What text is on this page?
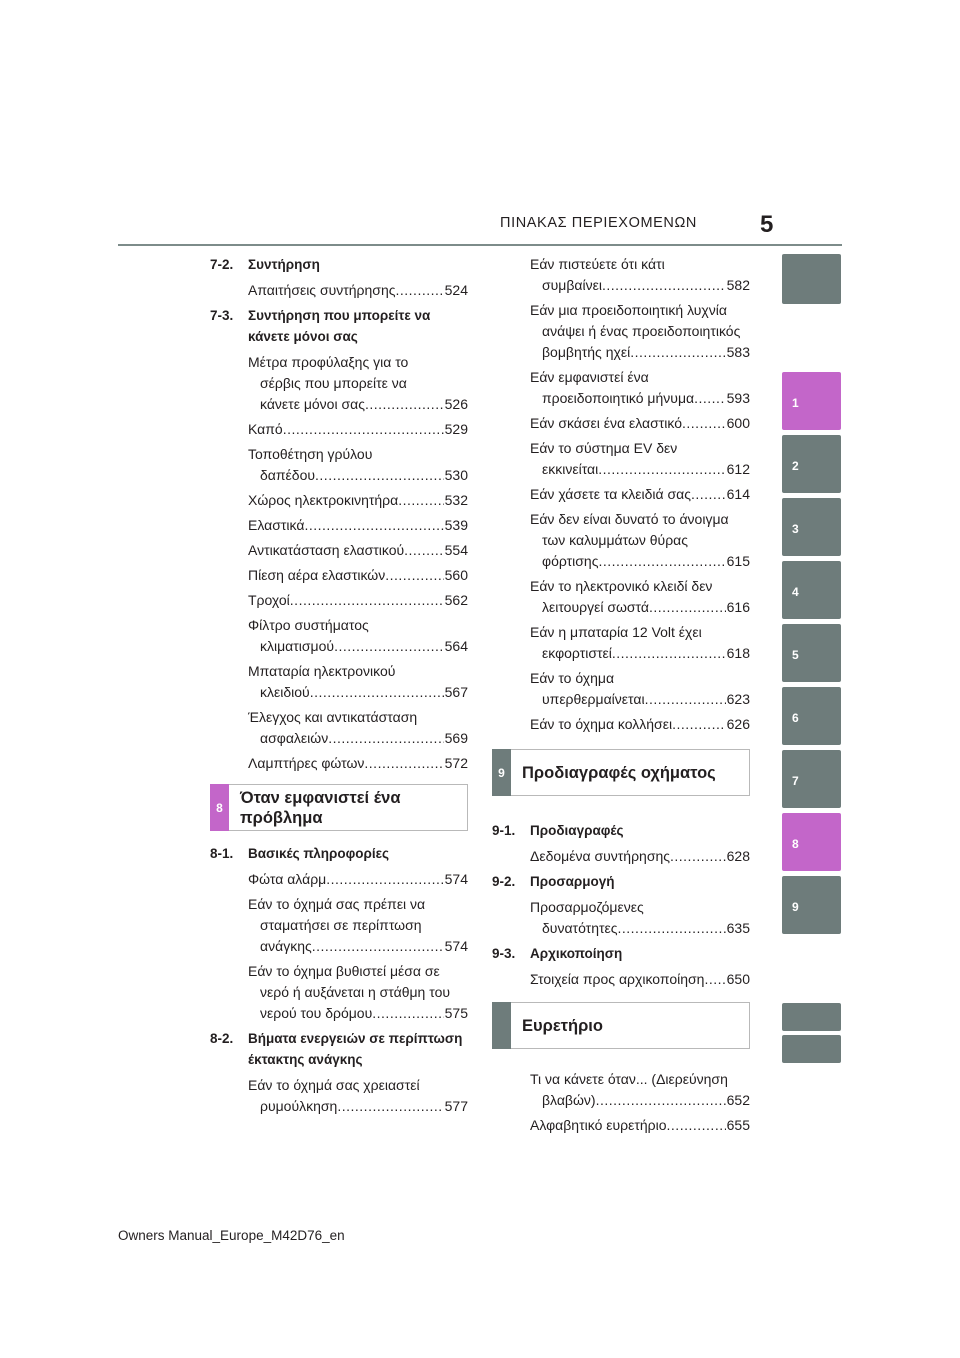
ΠΙΝΑΚΑΣ ΠΕΡΙΕΧΟΜΕΝΩΝ	5
1
2
3
4
5
6
7
8
9
7-2. Συντήρηση
Απαιτήσεις συντήρησης .....	524
7-3. Συντήρηση που μπορείτε να κάνετε μόνοι σας
Μέτρα προφύλαξης για το
σέρβις που μπορείτε να
κάνετε μόνοι σας .....	526
Καπό .....	529
Τοποθέτηση γρύλου
δαπέδου .....	530
Χώρος ηλεκτροκινητήρα .....	532
Ελαστικά .....	539
Αντικατάσταση ελαστικού .....	554
Πίεση αέρα ελαστικών .....	560
Τροχοί .....	562
Φίλτρο συστήματος
κλιματισμού .....	564
Μπαταρία ηλεκτρονικού
κλειδιού .....	567
Έλεγχος και αντικατάσταση
ασφαλειών .....	569
Λαμπτήρες φώτων .....	572
8
Όταν εμφανιστεί ένα πρόβλημα
8-1. Βασικές πληροφορίες
Φώτα αλάρμ .....	574
Εάν το όχημά σας πρέπει να
σταματήσει σε περίπτωση
ανάγκης .....	574
Εάν το όχημα βυθιστεί μέσα σε
νερό ή αυξάνεται η στάθμη του
νερού του δρόμου .....	575
8-2. Βήματα ενεργειών σε περίπτωση έκτακτης ανάγκης
Εάν το όχημά σας χρειαστεί
ρυμούλκηση .....	577
Εάν πιστεύετε ότι κάτι
συμβαίνει .....	582
Εάν μια προειδοποιητική λυχνία
ανάψει ή ένας προειδοποιητικός
βομβητής ηχεί .....	583
Εάν εμφανιστεί ένα
προειδοποιητικό μήνυμα ..... 593
Εάν σκάσει ένα ελαστικό .....	600
Εάν το σύστημα EV δεν
εκκινείται .....	612
Εάν χάσετε τα κλειδιά σας .....	614
Εάν δεν είναι δυνατό το άνοιγμα
των καλυμμάτων θύρας
φόρτισης .....	615
Εάν το ηλεκτρονικό κλειδί δεν
λειτουργεί σωστά .....	616
Εάν η μπαταρία 12 Volt έχει
εκφορτιστεί .....	618
Εάν το όχημα
υπερθερμαίνεται .....	623
Εάν το όχημα κολλήσει .....	626
9	Προδιαγραφές οχήματος
9-1. Προδιαγραφές
Δεδομένα συντήρησης .....	628
9-2. Προσαρμογή
Προσαρμοζόμενες
δυνατότητες .....	635
9-3. Αρχικοποίηση
Στοιχεία προς αρχικοποίηση ..... 650
Ευρετήριο
Τι να κάνετε όταν... (Διερεύνηση
βλαβών) .....	652
Αλφαβητικό ευρετήριο .....	655
Owners Manual_Europe_M42D76_en
